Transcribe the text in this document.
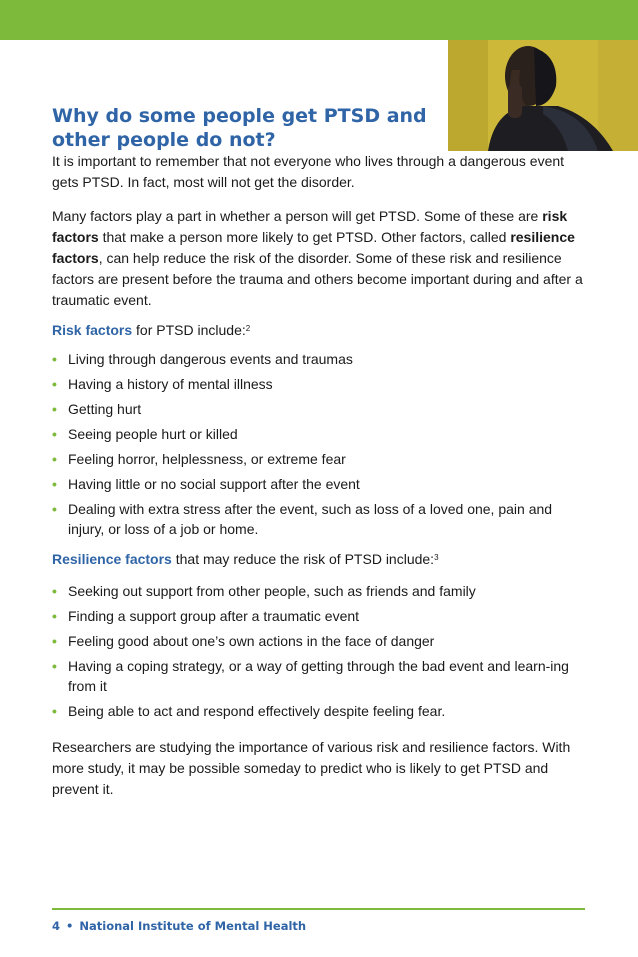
Why do some people get PTSD and other people do not?

It is important to remember that not everyone who lives through a dangerous event gets PTSD. In fact, most will not get the disorder.

Many factors play a part in whether a person will get PTSD. Some of these are risk factors that make a person more likely to get PTSD. Other factors, called resilience factors, can help reduce the risk of the disorder. Some of these risk and resilience factors are present before the trauma and others become important during and after a traumatic event.

Risk factors for PTSD include:$^2$

• Living through dangerous events and traumas
• Having a history of mental illness
• Getting hurt
• Seeing people hurt or killed
• Feeling horror, helplessness, or extreme fear
• Having little or no social support after the event
• Dealing with extra stress after the event, such as loss of a loved one, pain and injury, or loss of a job or home.

Resilience factors that may reduce the risk of PTSD include:$^3$

• Seeking out support from other people, such as friends and family
• Finding a support group after a traumatic event
• Feeling good about one’s own actions in the face of danger
• Having a coping strategy, or a way of getting through the bad event and learn-ing from it
• Being able to act and respond effectively despite feeling fear.

Researchers are studying the importance of various risk and resilience factors. With more study, it may be possible someday to predict who is likely to get PTSD and prevent it.

4 • National Institute of Mental Health
